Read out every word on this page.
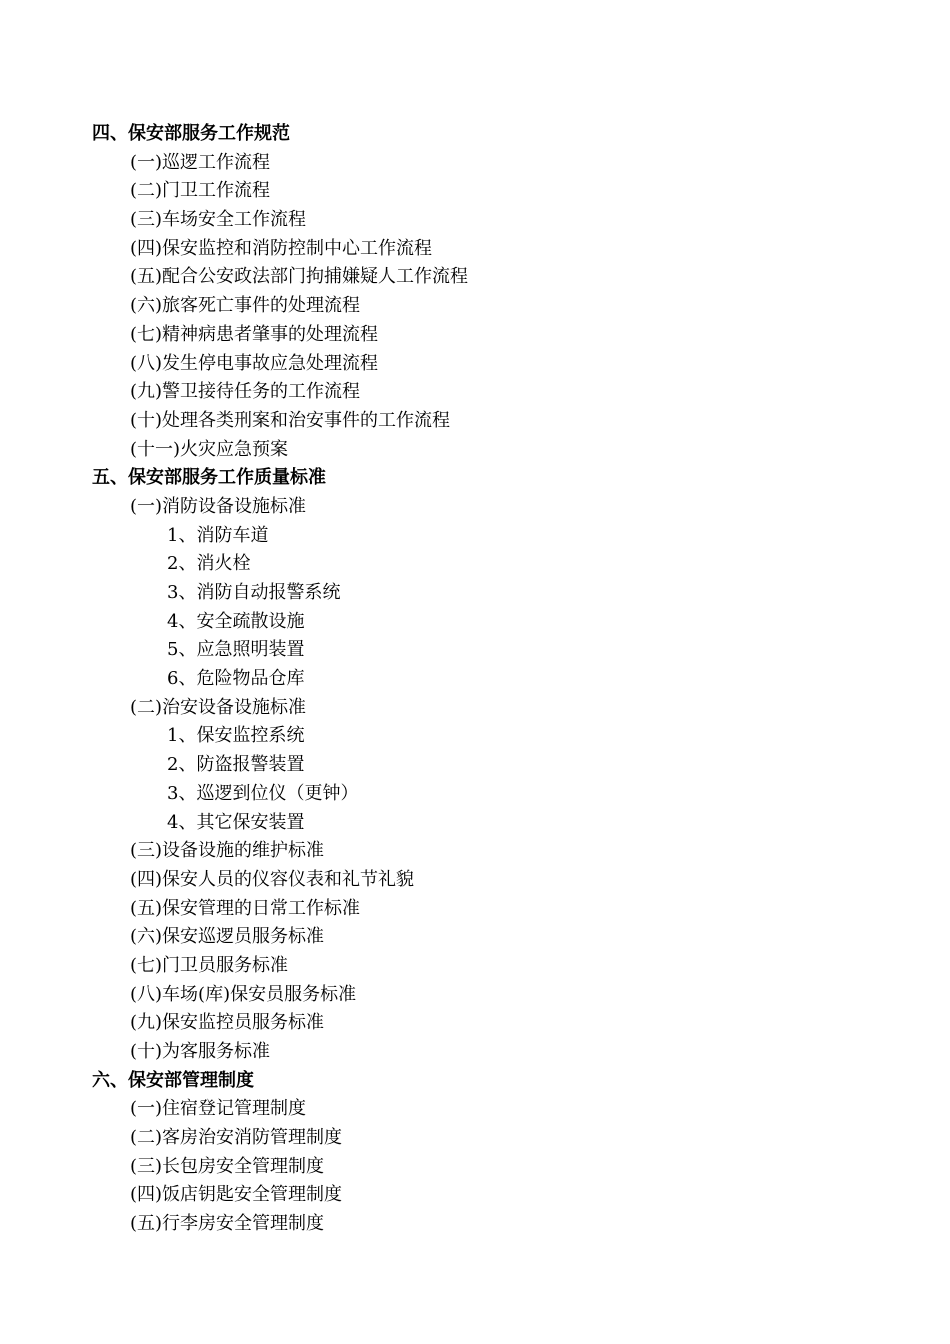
四、保安部服务工作规范
(一)巡逻工作流程
(二)门卫工作流程
(三)车场安全工作流程
(四)保安监控和消防控制中心工作流程
(五)配合公安政法部门拘捕嫌疑人工作流程
(六)旅客死亡事件的处理流程
(七)精神病患者肇事的处理流程
(八)发生停电事故应急处理流程
(九)警卫接待任务的工作流程
(十)处理各类刑案和治安事件的工作流程
(十一)火灾应急预案
五、保安部服务工作质量标准
(一)消防设备设施标准
1、消防车道
2、消火栓
3、消防自动报警系统
4、安全疏散设施
5、应急照明装置
6、危险物品仓库
(二)治安设备设施标准
1、保安监控系统
2、防盗报警装置
3、巡逻到位仪（更钟）
4、其它保安装置
(三)设备设施的维护标准
(四)保安人员的仪容仪表和礼节礼貌
(五)保安管理的日常工作标准
(六)保安巡逻员服务标准
(七)门卫员服务标准
(八)车场(库)保安员服务标准
(九)保安监控员服务标准
(十)为客服务标准
六、保安部管理制度
(一)住宿登记管理制度
(二)客房治安消防管理制度
(三)长包房安全管理制度
(四)饭店钥匙安全管理制度
(五)行李房安全管理制度
